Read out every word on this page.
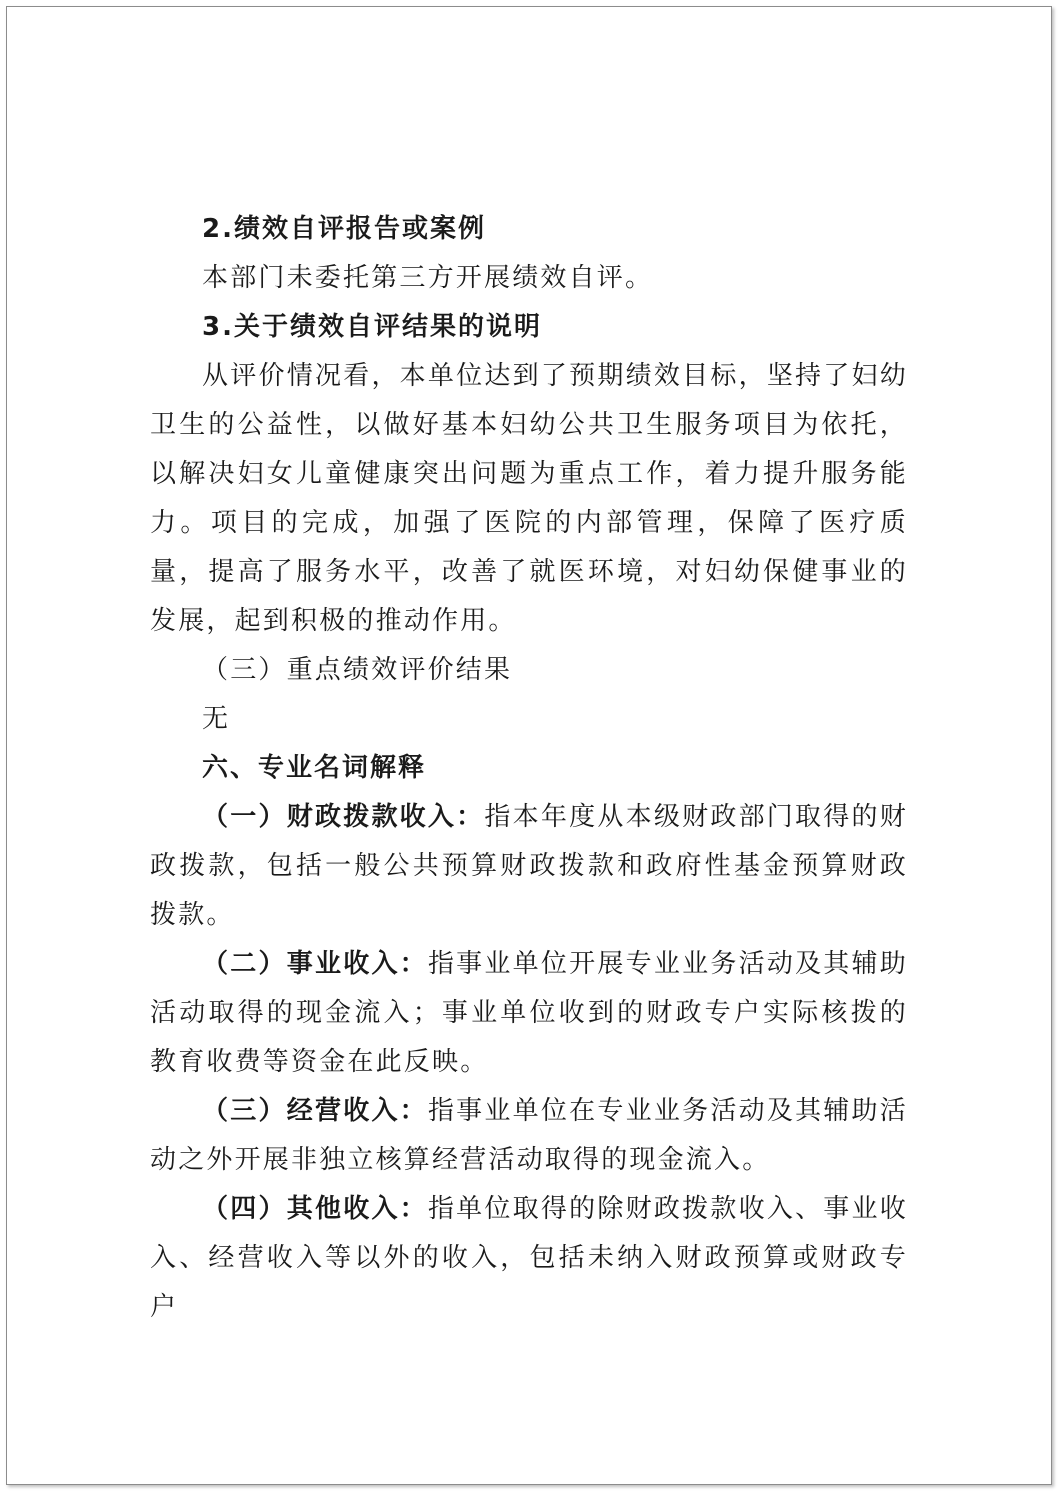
2.绩效自评报告或案例

本部门未委托第三方开展绩效自评。

3.关于绩效自评结果的说明

从评价情况看，本单位达到了预期绩效目标，坚持了妇幼卫生的公益性，以做好基本妇幼公共卫生服务项目为依托，以解决妇女儿童健康突出问题为重点工作，着力提升服务能力。项目的完成，加强了医院的内部管理，保障了医疗质量，提高了服务水平，改善了就医环境，对妇幼保健事业的发展，起到积极的推动作用。

（三）重点绩效评价结果

无

六、专业名词解释

（一）财政拨款收入：指本年度从本级财政部门取得的财政拨款，包括一般公共预算财政拨款和政府性基金预算财政拨款。

（二）事业收入：指事业单位开展专业业务活动及其辅助活动取得的现金流入；事业单位收到的财政专户实际核拨的教育收费等资金在此反映。

（三）经营收入：指事业单位在专业业务活动及其辅助活动之外开展非独立核算经营活动取得的现金流入。

（四）其他收入：指单位取得的除财政拨款收入、事业收入、经营收入等以外的收入，包括未纳入财政预算或财政专户
